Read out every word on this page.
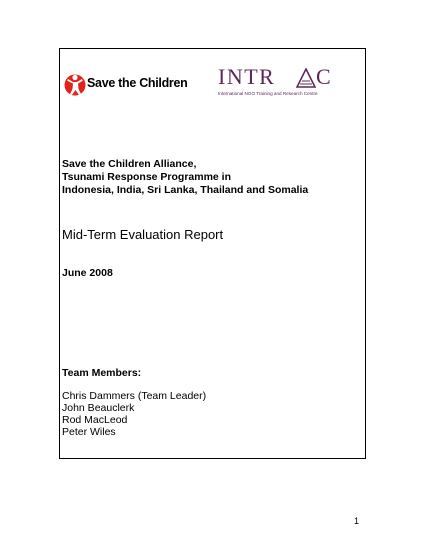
Save the Children INTR C
International NGO Training and Research Centre
Save the Children Alliance,
Tsunami Response Programme in
Indonesia, India, Sri Lanka, Thailand and Somalia
Mid-Term Evaluation Report
June 2008
Team Members:
Chris Dammers (Team Leader)
John Beauclerk
Rod MacLeod
Peter Wiles
1
